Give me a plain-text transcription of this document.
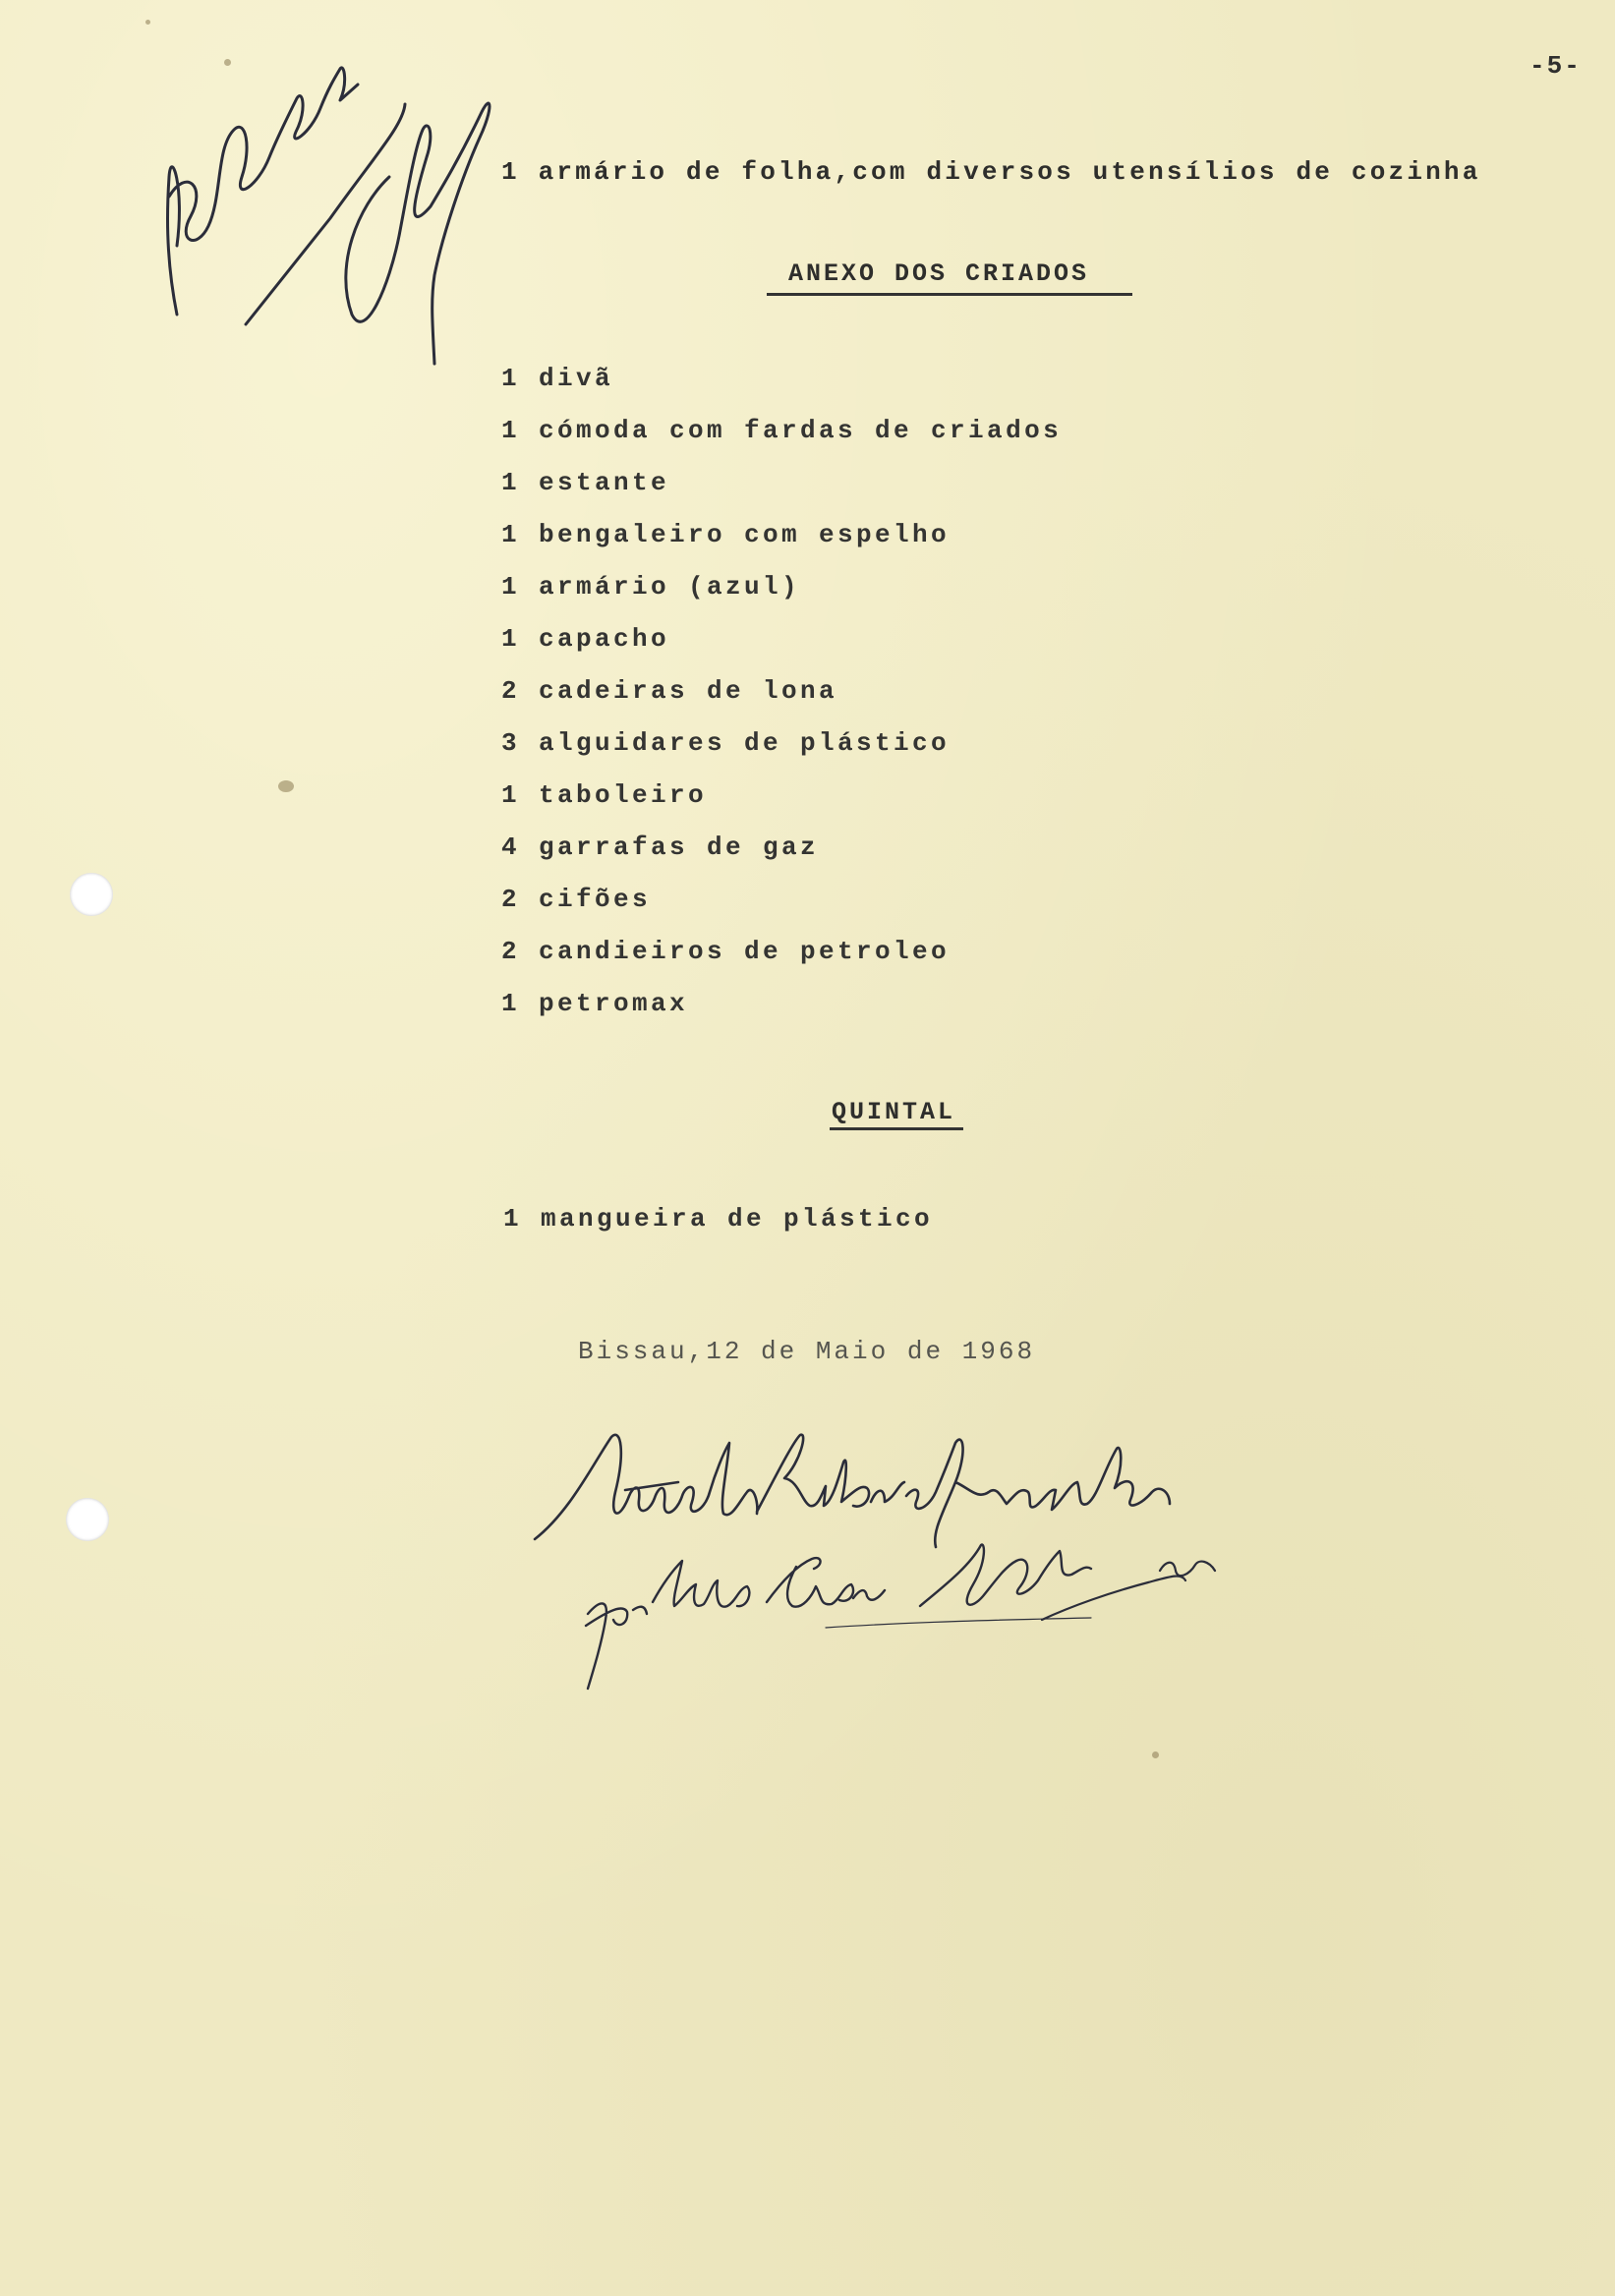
-5-
1 armário de folha,com diversos utensílios de cozinha
ANEXO DOS CRIADOS
1 divã
1 cómoda com fardas de criados
1 estante
1 bengaleiro com espelho
1 armário (azul)
1 capacho
2 cadeiras de lona
3 alguidares de plástico
1 taboleiro
4 garrafas de gaz
2 cifões
2 candieiros de petroleo
1 petromax
QUINTAL
1 mangueira de plástico
Bissau,12 de Maio de 1968
